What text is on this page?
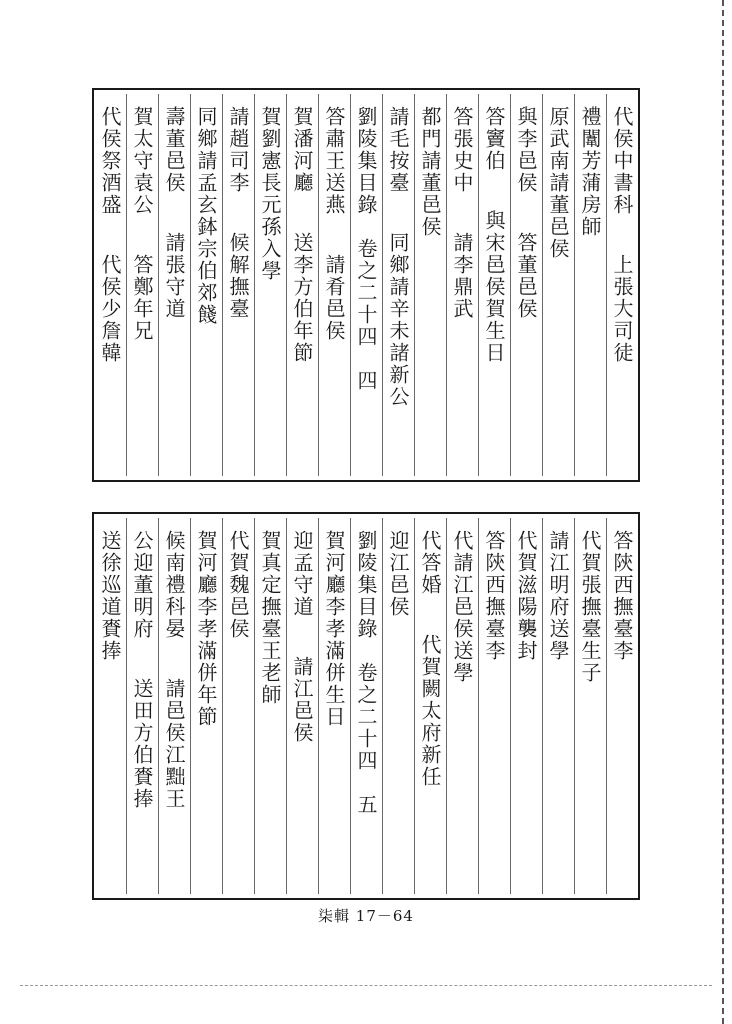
代侯中書科上張大司徒
禮闈芳蒲房師
原武南請董邑侯
與李邑侯答董邑侯
答竇伯與宋邑侯賀生日
答張史中請李鼎武
都門請董邑侯
請毛按臺同鄉請辛未諸新公
劉陵集目錄　卷之二十四　四
答肅王送燕請肴邑侯
賀潘河廳送李方伯年節
賀劉憲長元孫入學
請趙司李候解撫臺
同鄉請孟玄鉢宗伯郊餞
壽董邑侯請張守道
賀太守袁公答鄭年兄
代侯祭酒盛代侯少詹韓
答陝西撫臺李
代賀張撫臺生子
請江明府送學
代賀滋陽襲封
答陝西撫臺李
代請江邑侯送學
代答婚代賀闕太府新任
迎江邑侯
劉陵集目錄　卷之二十四　五
賀河廳李孝滿併生日
迎孟守道請江邑侯
賀真定撫臺王老師
代賀魏邑侯
賀河廳李孝滿併年節
候南禮科晏請邑侯江黜王
公迎董明府送田方伯賚捧
送徐巡道賚捧
柒輯 17－64
